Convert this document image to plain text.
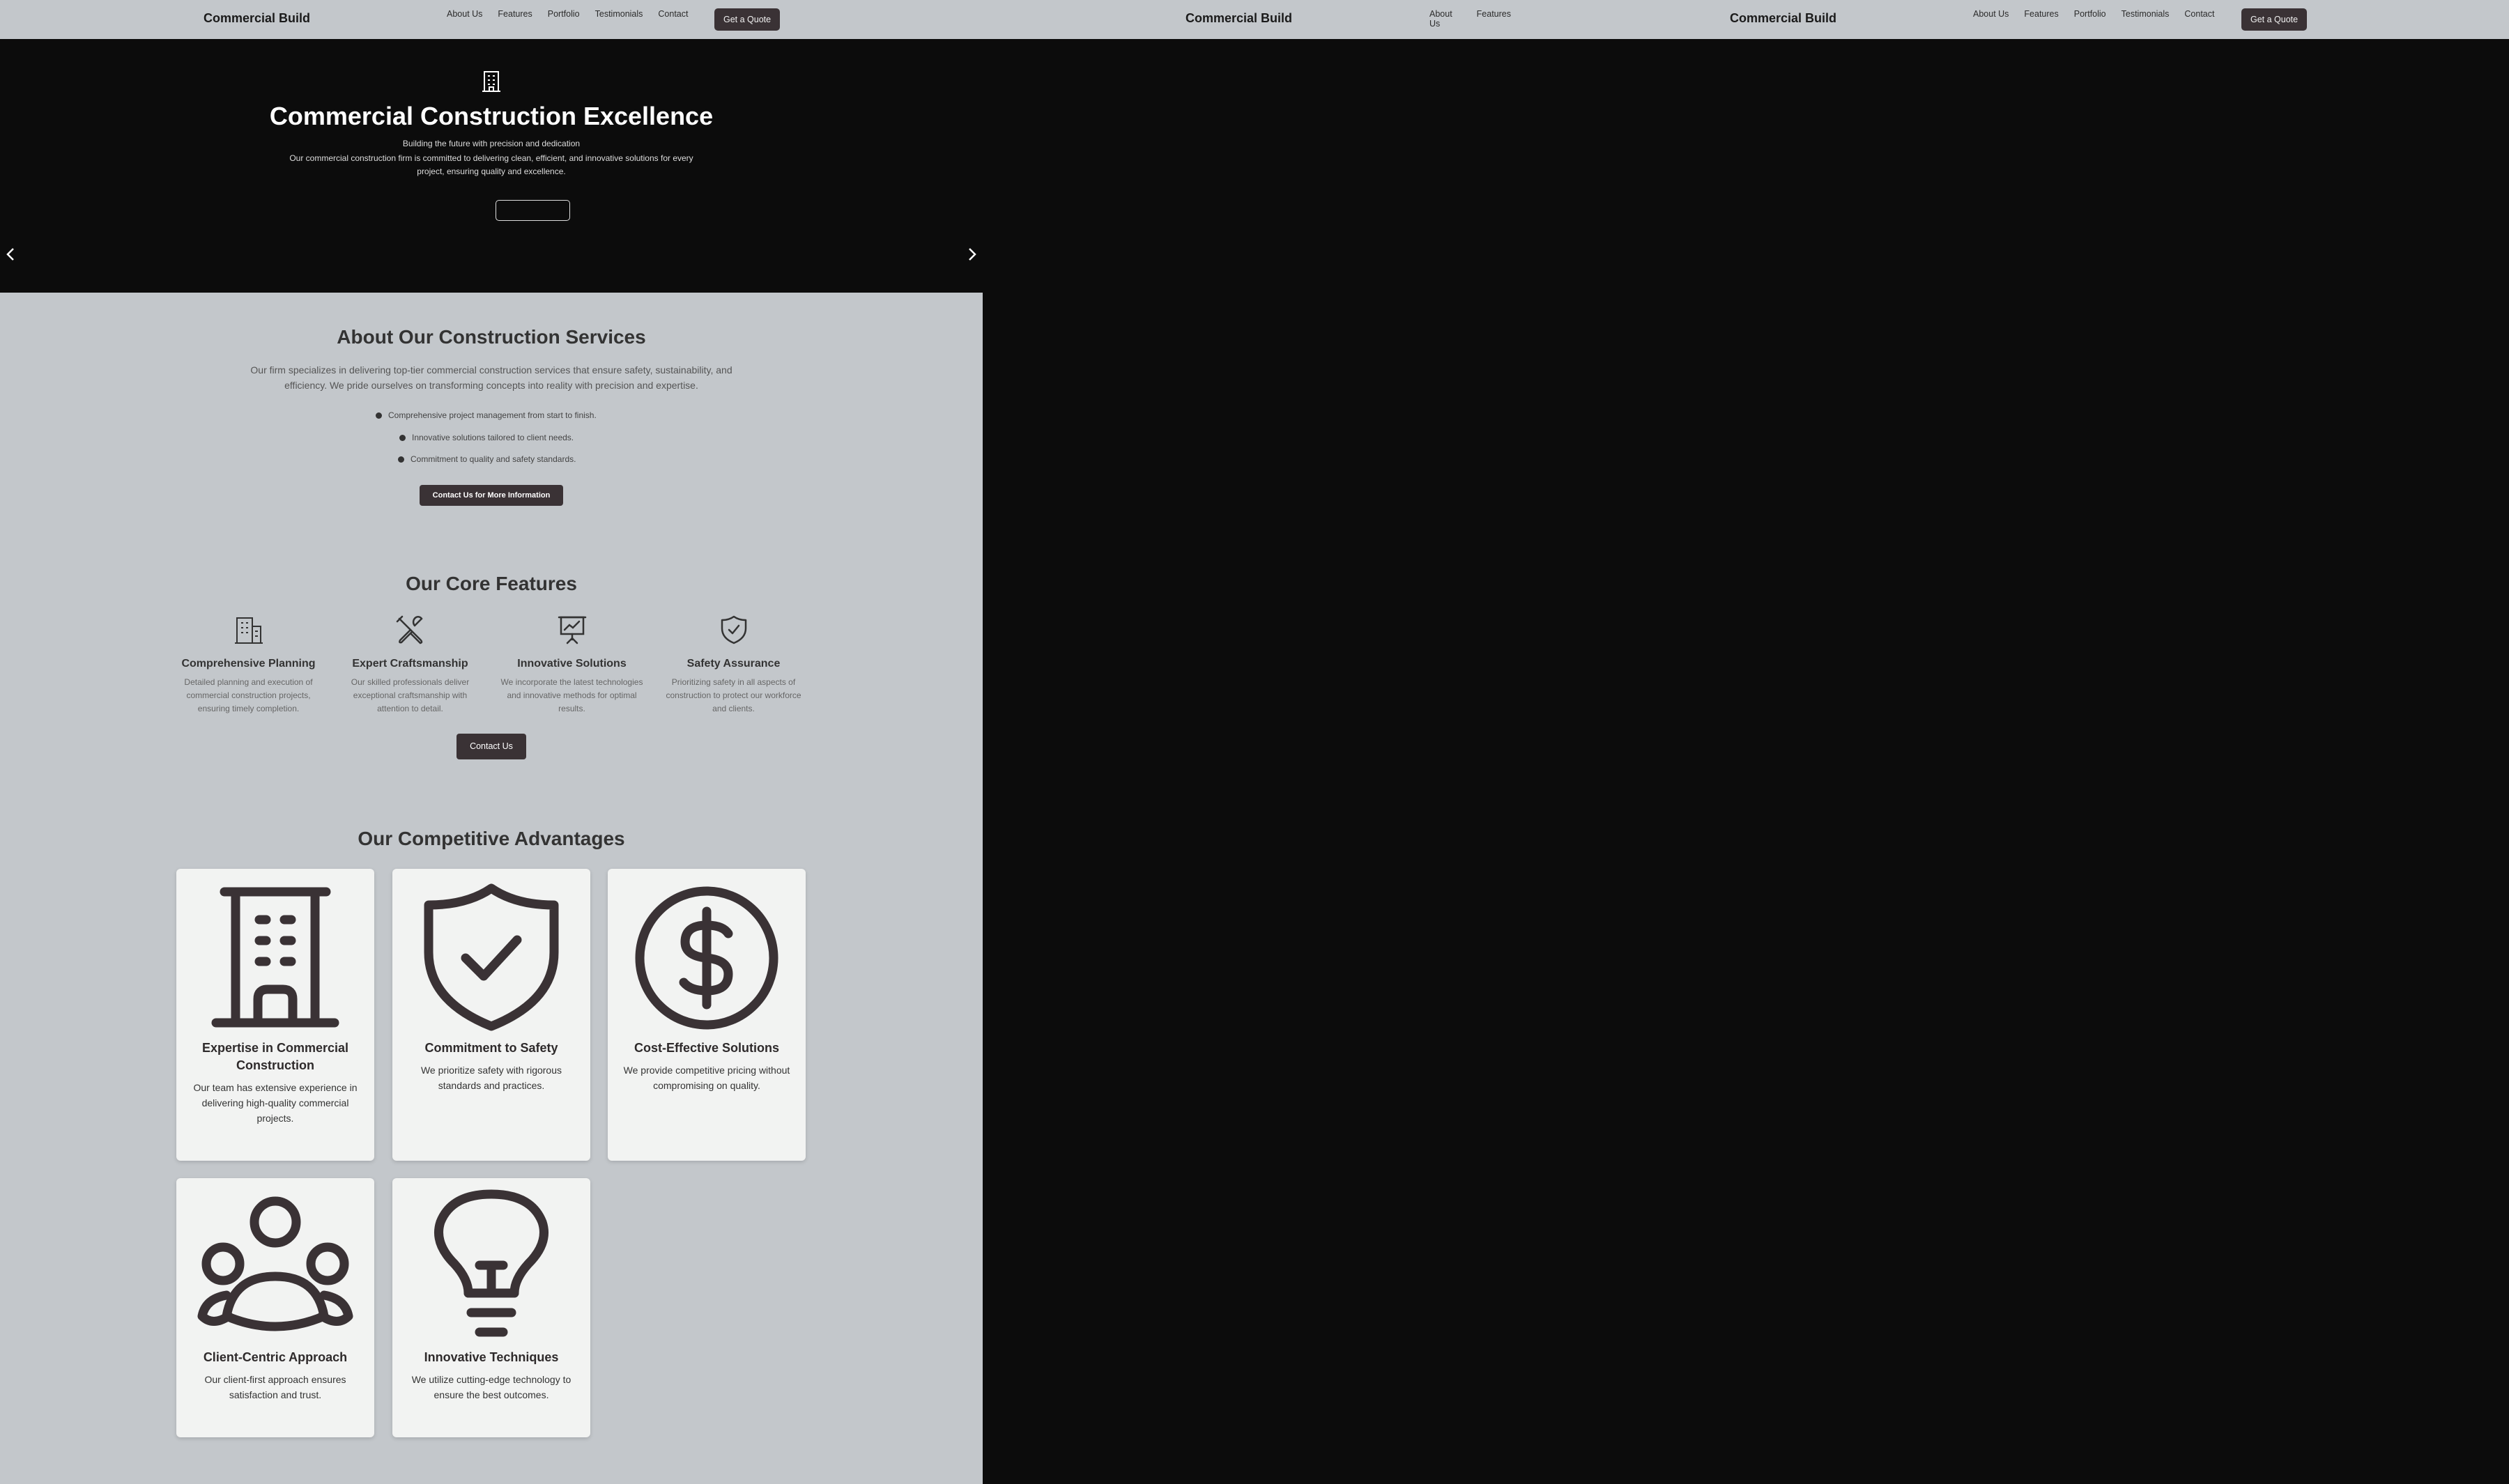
Commercial Build	About Us Features Portfolio Testimonials Contact
Get a Quote
Commercial Construction Excellence
Building the future with precision and dedication
Our commercial construction firm is committed to delivering clean, efficient, and innovative solutions for every project, ensuring quality and excellence.
About Our Construction Services
Our firm specializes in delivering top-tier commercial construction services that ensure safety, sustainability, and efficiency. We pride ourselves on transforming concepts into reality with precision and expertise.
Comprehensive project management from start to finish.
Innovative solutions tailored to client needs.
Commitment to quality and safety standards.
Contact Us for More Information
Our Core Features
Comprehensive Planning

Detailed planning and execution of commercial construction projects, ensuring timely completion.

Expert Craftsmanship

Our skilled professionals deliver exceptional craftsmanship with attention to detail.

Innovative Solutions

We incorporate the latest technologies and innovative methods for optimal results.

Safety Assurance

Prioritizing safety in all aspects of construction to protect our workforce and clients.

Contact Us
Our Competitive Advantages
Expertise in Commercial Construction

Our team has extensive experience in delivering high-quality commercial projects.

Commitment to Safety

We prioritize safety with rigorous standards and practices.

Cost-Effective Solutions

We provide competitive pricing without compromising on quality.

Client-Centric Approach

Our client-first approach ensures satisfaction and trust.

Innovative Techniques

We utilize cutting-edge technology to ensure the best outcomes.

Commercial Build	About Us
Features	Commercial Build	About Us Features Portfolio Testimonials Contact
Get a Quote
